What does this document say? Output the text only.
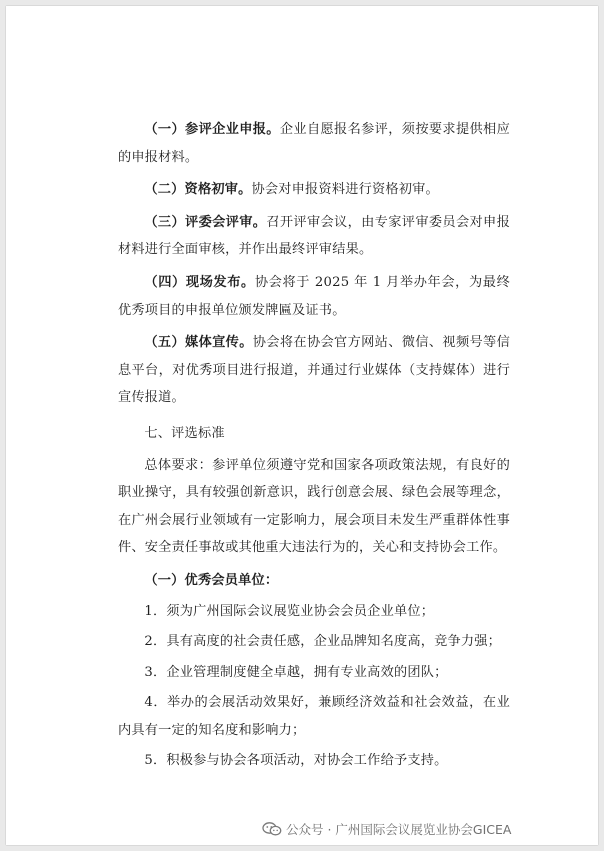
（一）参评企业申报。企业自愿报名参评，须按要求提供相应的申报材料。

（二）资格初审。协会对申报资料进行资格初审。

（三）评委会评审。召开评审会议，由专家评审委员会对申报材料进行全面审核，并作出最终评审结果。

（四）现场发布。协会将于 2025 年 1 月举办年会，为最终优秀项目的申报单位颁发牌匾及证书。

（五）媒体宣传。协会将在协会官方网站、微信、视频号等信息平台，对优秀项目进行报道，并通过行业媒体（支持媒体）进行宣传报道。

七、评选标准

总体要求：参评单位须遵守党和国家各项政策法规，有良好的职业操守，具有较强创新意识，践行创意会展、绿色会展等理念，在广州会展行业领域有一定影响力，展会项目未发生严重群体性事件、安全责任事故或其他重大违法行为的，关心和支持协会工作。

（一）优秀会员单位：

1．须为广州国际会议展览业协会会员企业单位；

2．具有高度的社会责任感，企业品牌知名度高，竞争力强；

3．企业管理制度健全卓越，拥有专业高效的团队；

4．举办的会展活动效果好，兼顾经济效益和社会效益，在业内具有一定的知名度和影响力；

5．积极参与协会各项活动，对协会工作给予支持。

公众号 · 广州国际会议展览业协会GICEA
